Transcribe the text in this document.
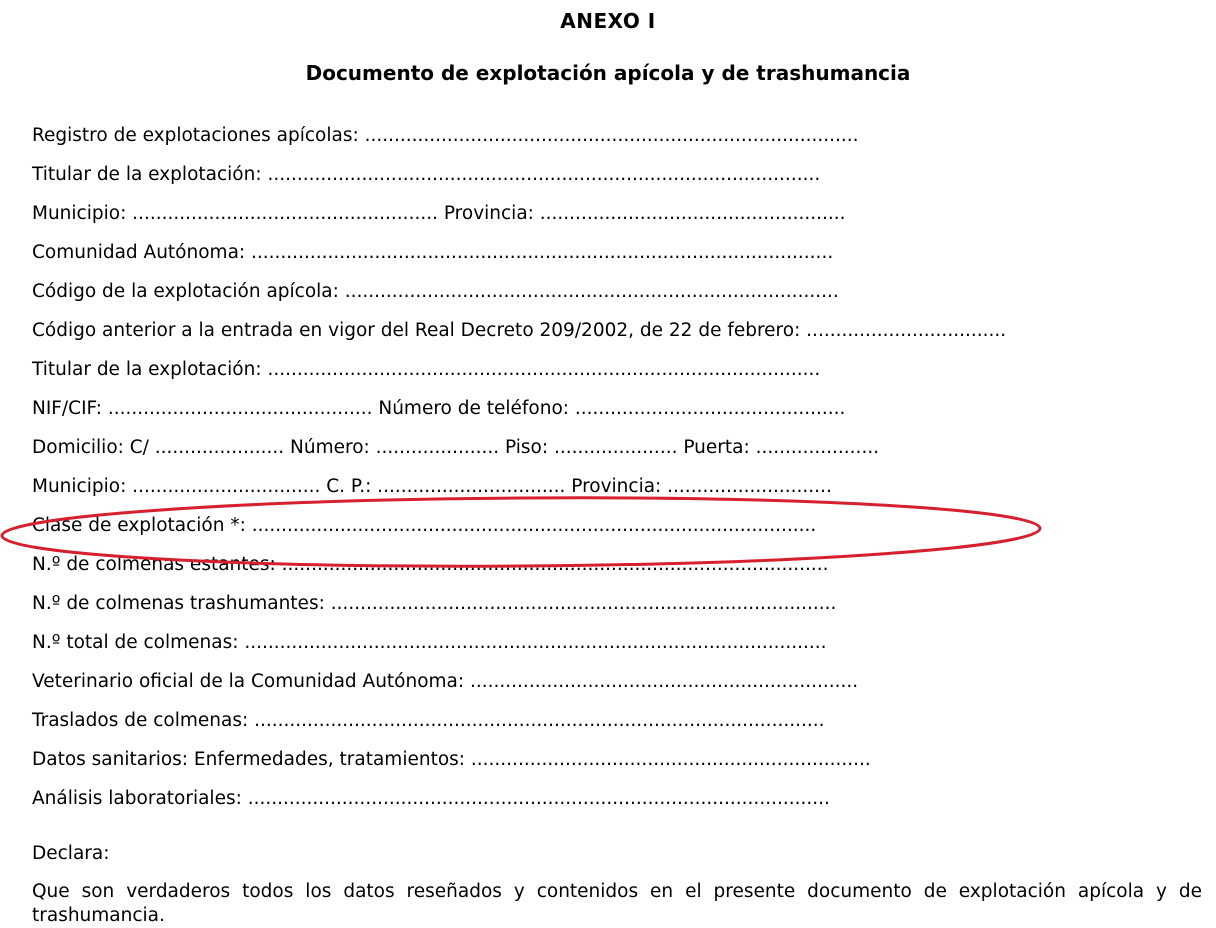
ANEXO I
Documento de explotación apícola y de trashumancia
Registro de explotaciones apícolas: ....................................................................................
Titular de la explotación: ..............................................................................................
Municipio: .................................................... Provincia: ....................................................
Comunidad Autónoma: ...................................................................................................
Código de la explotación apícola: ....................................................................................
Código anterior a la entrada en vigor del Real Decreto 209/2002, de 22 de febrero: ..................................
Titular de la explotación: ..............................................................................................
NIF/CIF: ............................................. Número de teléfono: ..............................................
Domicilio: C/ ...................... Número: ..................... Piso: ..................... Puerta: .....................
Municipio: ................................ C. P.: ................................ Provincia: ............................
Clase de explotación *: ................................................................................................
N.º de colmenas estantes: .............................................................................................
N.º de colmenas trashumantes: ......................................................................................
N.º total de colmenas: ...................................................................................................
Veterinario oficial de la Comunidad Autónoma: ..................................................................
Traslados de colmenas: .................................................................................................
Datos sanitarios: Enfermedades, tratamientos: ....................................................................
Análisis laboratoriales: ...................................................................................................
Declara:
Que son verdaderos todos los datos reseñados y contenidos en el presente documento de explotación apícola y de trashumancia.
